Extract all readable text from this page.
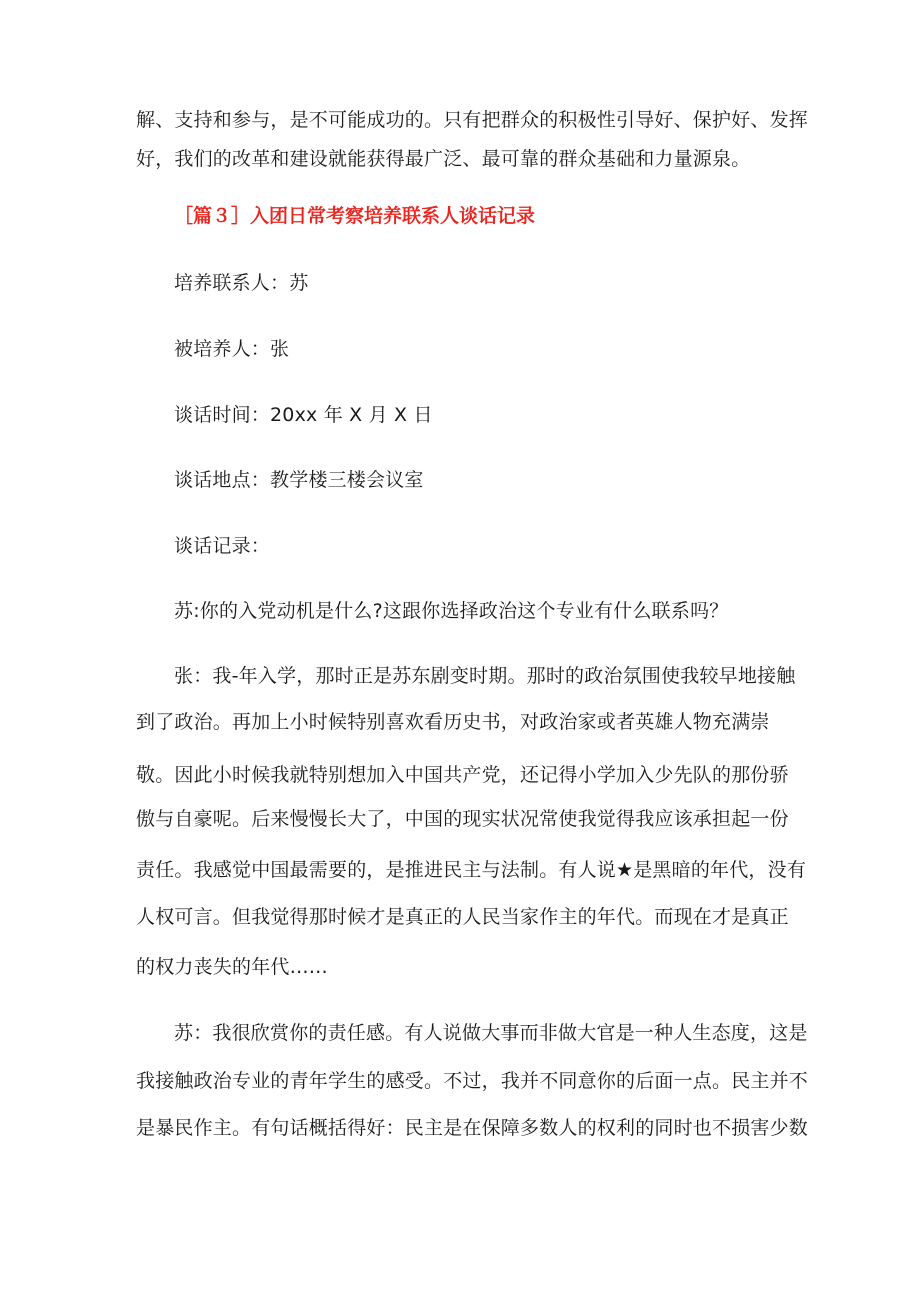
解、支持和参与，是不可能成功的。只有把群众的积极性引导好、保护好、发挥
好，我们的改革和建设就能获得最广泛、最可靠的群众基础和力量源泉。
［篇３］入团日常考察培养联系人谈话记录
培养联系人：苏
被培养人：张
谈话时间：20xx 年 X 月 X 日
谈话地点：教学楼三楼会议室
谈话记录：
苏:你的入党动机是什么?这跟你选择政治这个专业有什么联系吗？
张：我-年入学，那时正是苏东剧变时期。那时的政治氛围使我较早地接触
到了政治。再加上小时候特别喜欢看历史书，对政治家或者英雄人物充满崇
敬。因此小时候我就特别想加入中国共产党，还记得小学加入少先队的那份骄
傲与自豪呢。后来慢慢长大了，中国的现实状况常使我觉得我应该承担起一份
责任。我感觉中国最需要的，是推进民主与法制。有人说★是黑暗的年代，没有
人权可言。但我觉得那时候才是真正的人民当家作主的年代。而现在才是真正
的权力丧失的年代……
苏：我很欣赏你的责任感。有人说做大事而非做大官是一种人生态度，这是
我接触政治专业的青年学生的感受。不过，我并不同意你的后面一点。民主并不
是暴民作主。有句话概括得好：民主是在保障多数人的权利的同时也不损害少数
